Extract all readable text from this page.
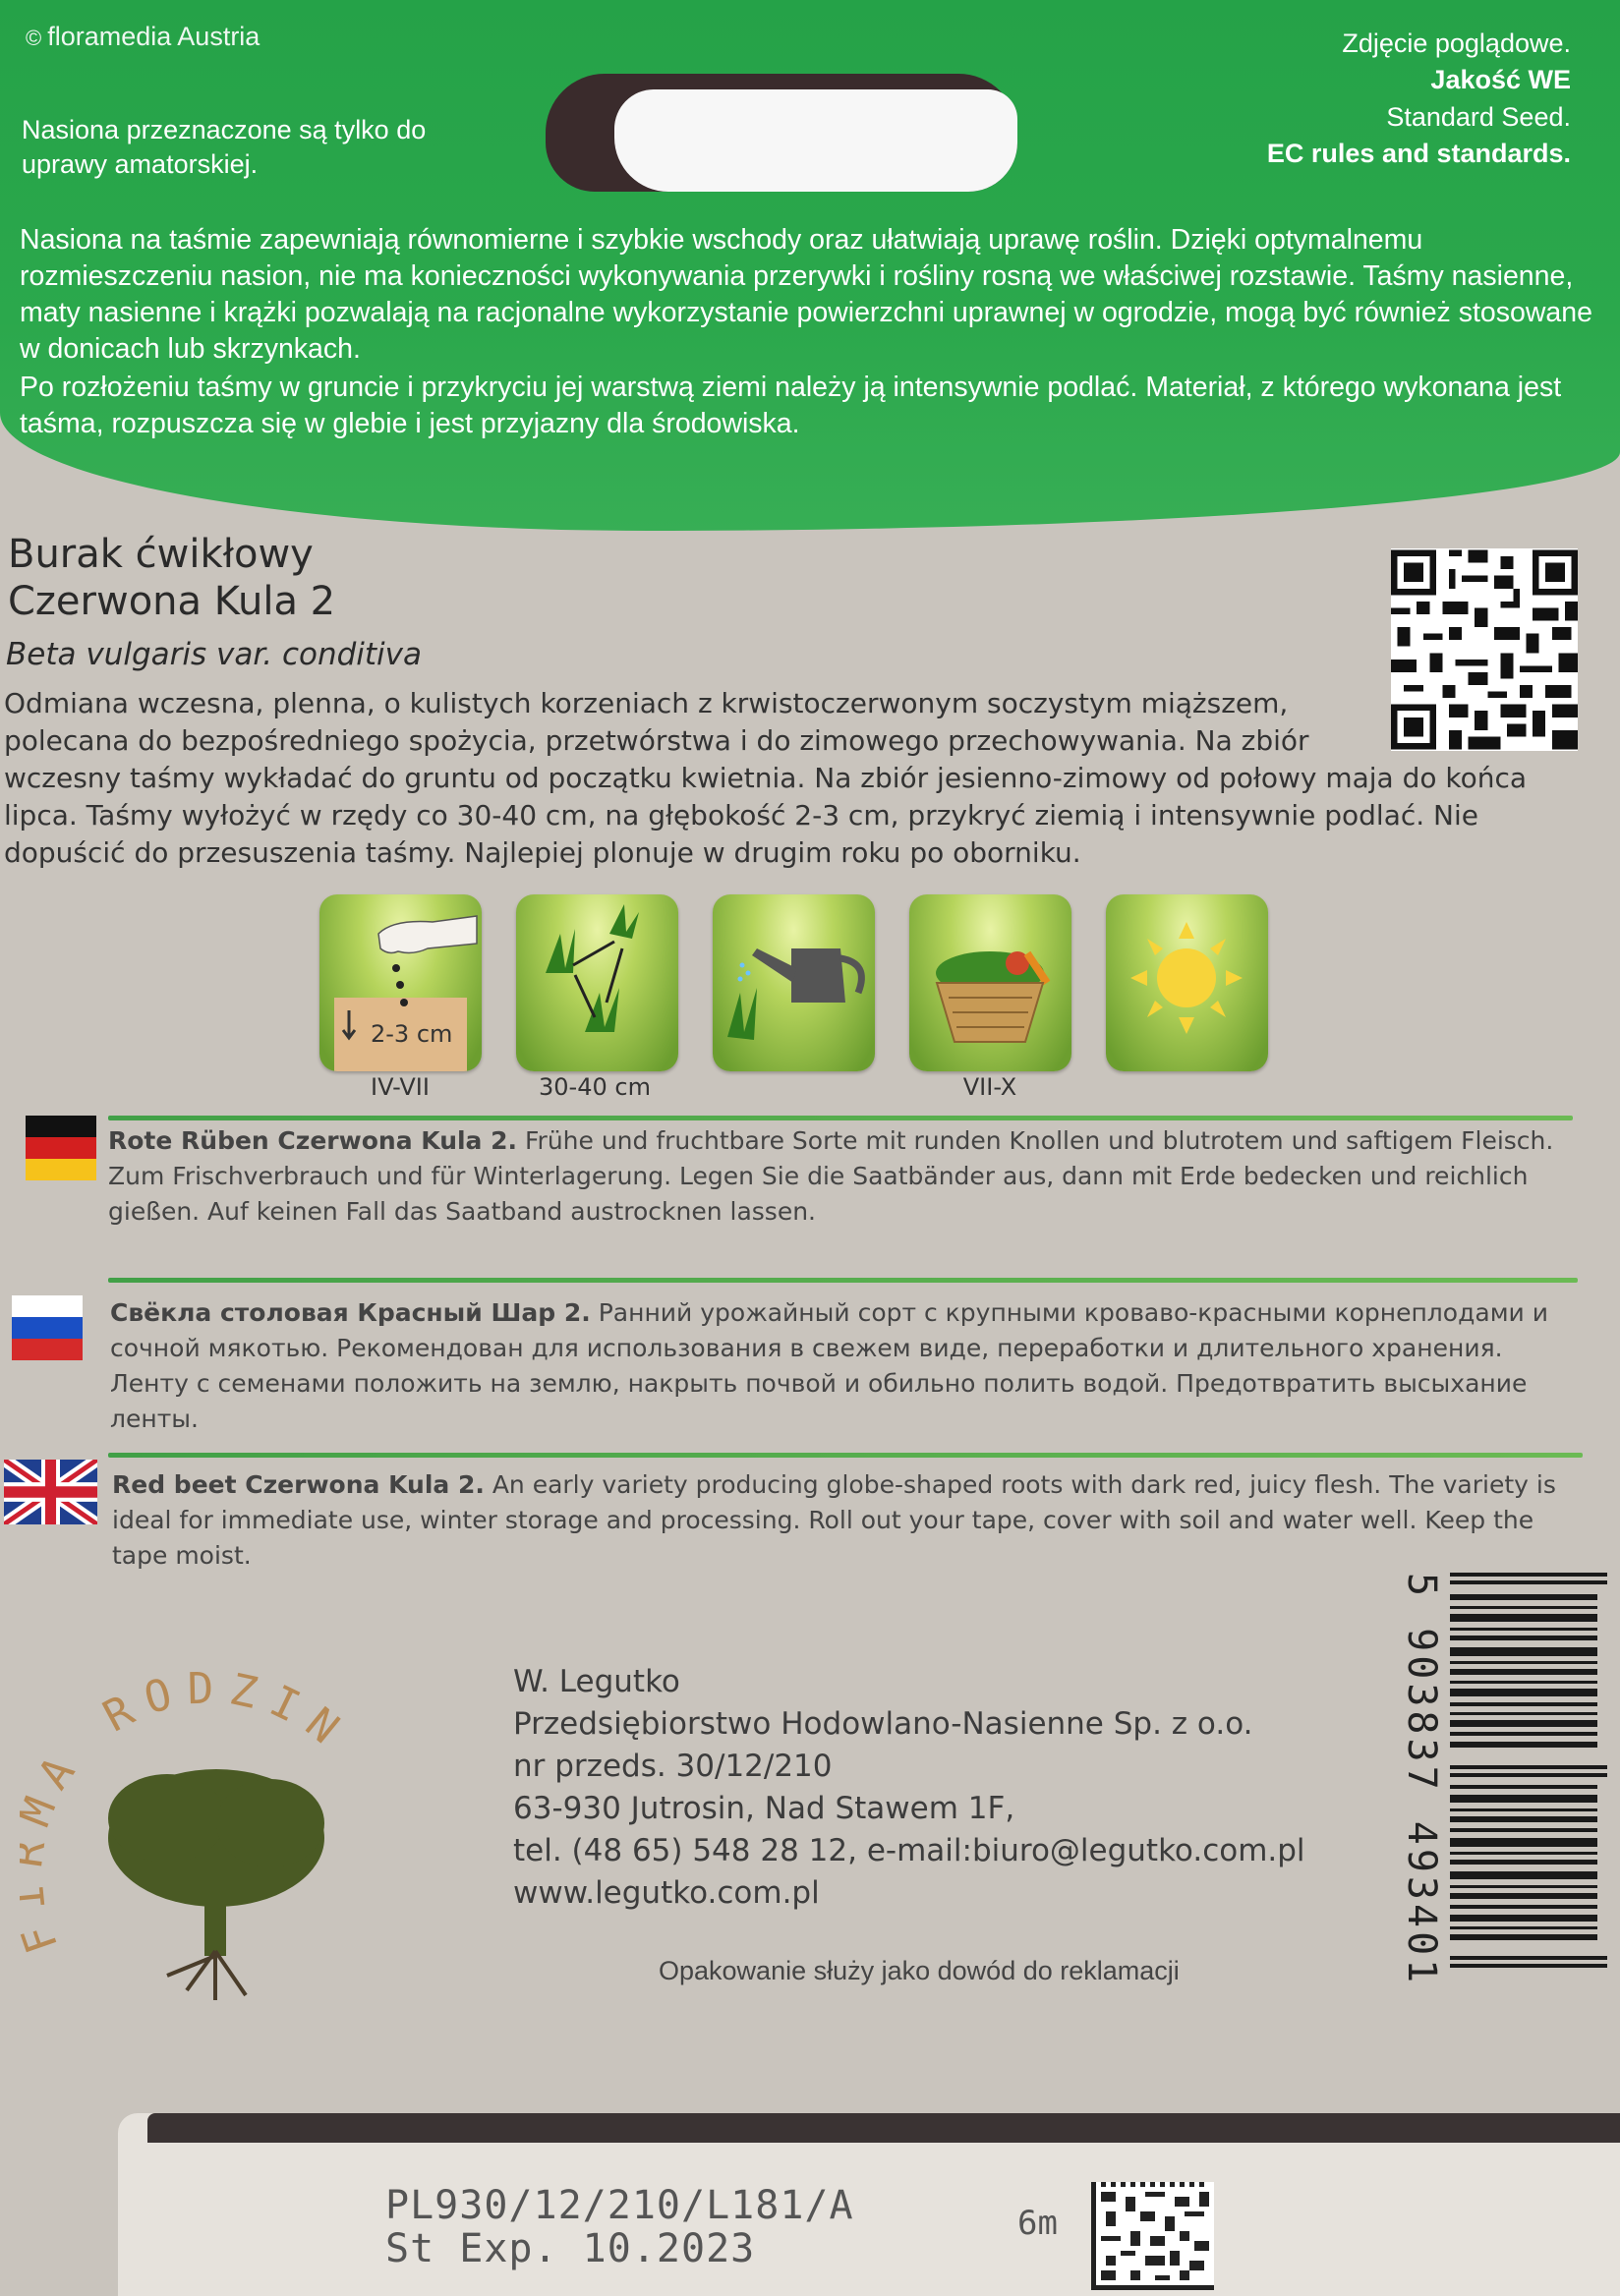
© floramedia Austria	Zdjęcie poglądowe.
Jakość WE
Standard Seed.
EC rules and standards.
Nasiona przeznaczone są tylko do uprawy amatorskiej.

Nasiona na taśmie zapewniają równomierne i szybkie wschody oraz ułatwiają uprawę roślin. Dzięki optymalnemu rozmieszczeniu nasion, nie ma konieczności wykonywania przerywki i rośliny rosną we właściwej rozstawie. Taśmy nasienne, maty nasienne i krążki pozwalają na racjonalne wykorzystanie powierzchni uprawnej w ogrodzie, mogą być również stosowane w donicach lub skrzynkach.

Po rozłożeniu taśmy w gruncie i przykryciu jej warstwą ziemi należy ją intensywnie podlać. Materiał, z którego wykonana jest taśma, rozpuszcza się w glebie i jest przyjazny dla środowiska.

Burak ćwikłowy
Czerwona Kula 2
Beta vulgaris var. conditiva
Odmiana wczesna, plenna, o kulistych korzeniach z krwistoczerwonym soczystym miąższem,
polecana do bezpośredniego spożycia, przetwórstwa i do zimowego przechowywania. Na zbiór
wczesny taśmy wykładać do gruntu od początku kwietnia. Na zbiór jesienno-zimowy od połowy maja do końca lipca. Taśmy wyłożyć w rzędy co 30-40 cm, na głębokość 2-3 cm, przykryć ziemią i intensywnie podlać. Nie dopuścić do przesuszenia taśmy. Najlepiej plonuje w drugim roku po oborniku.
2-3 cm
IV-VII	30-40 cm	VII-X
Rote Rüben Czerwona Kula 2. Frühe und fruchtbare Sorte mit runden Knollen und blutrotem und saftigem Fleisch. Zum Frischverbrauch und für Winterlagerung. Legen Sie die Saatbänder aus, dann mit Erde bedecken und reichlich gießen. Auf keinen Fall das Saatband austrocknen lassen.
Свёкла столовая Красный Шар 2. Ранний урожайный сорт с крупными кроваво-красными корнеплодами и сочной мякотью. Рекомендован для использования в свежем виде, переработки и длительного хранения. Ленту с семенами положить на землю, накрыть почвой и обильно полить водой. Предотвратить высыхание ленты.
Red beet Czerwona Kula 2. An early variety producing globe-shaped roots with dark red, juicy flesh. The variety is ideal for immediate use, winter storage and processing. Roll out your tape, cover with soil and water well. Keep the tape moist.
A RODZIN
W. Legutko
Przedsiębiorstwo Hodowlano-Nasienne Sp. z o.o.
nr przeds. 30/12/210
63-930 Jutrosin, Nad Stawem 1F,
tel. (48 65) 548 28 12, e-mail:biuro@legutko.com.pl
www.legutko.com.pl
Opakowanie służy jako dowód do reklamacji	5 903837 493401
PL930/12/210/L181/A
St Exp. 10.2023
6m
